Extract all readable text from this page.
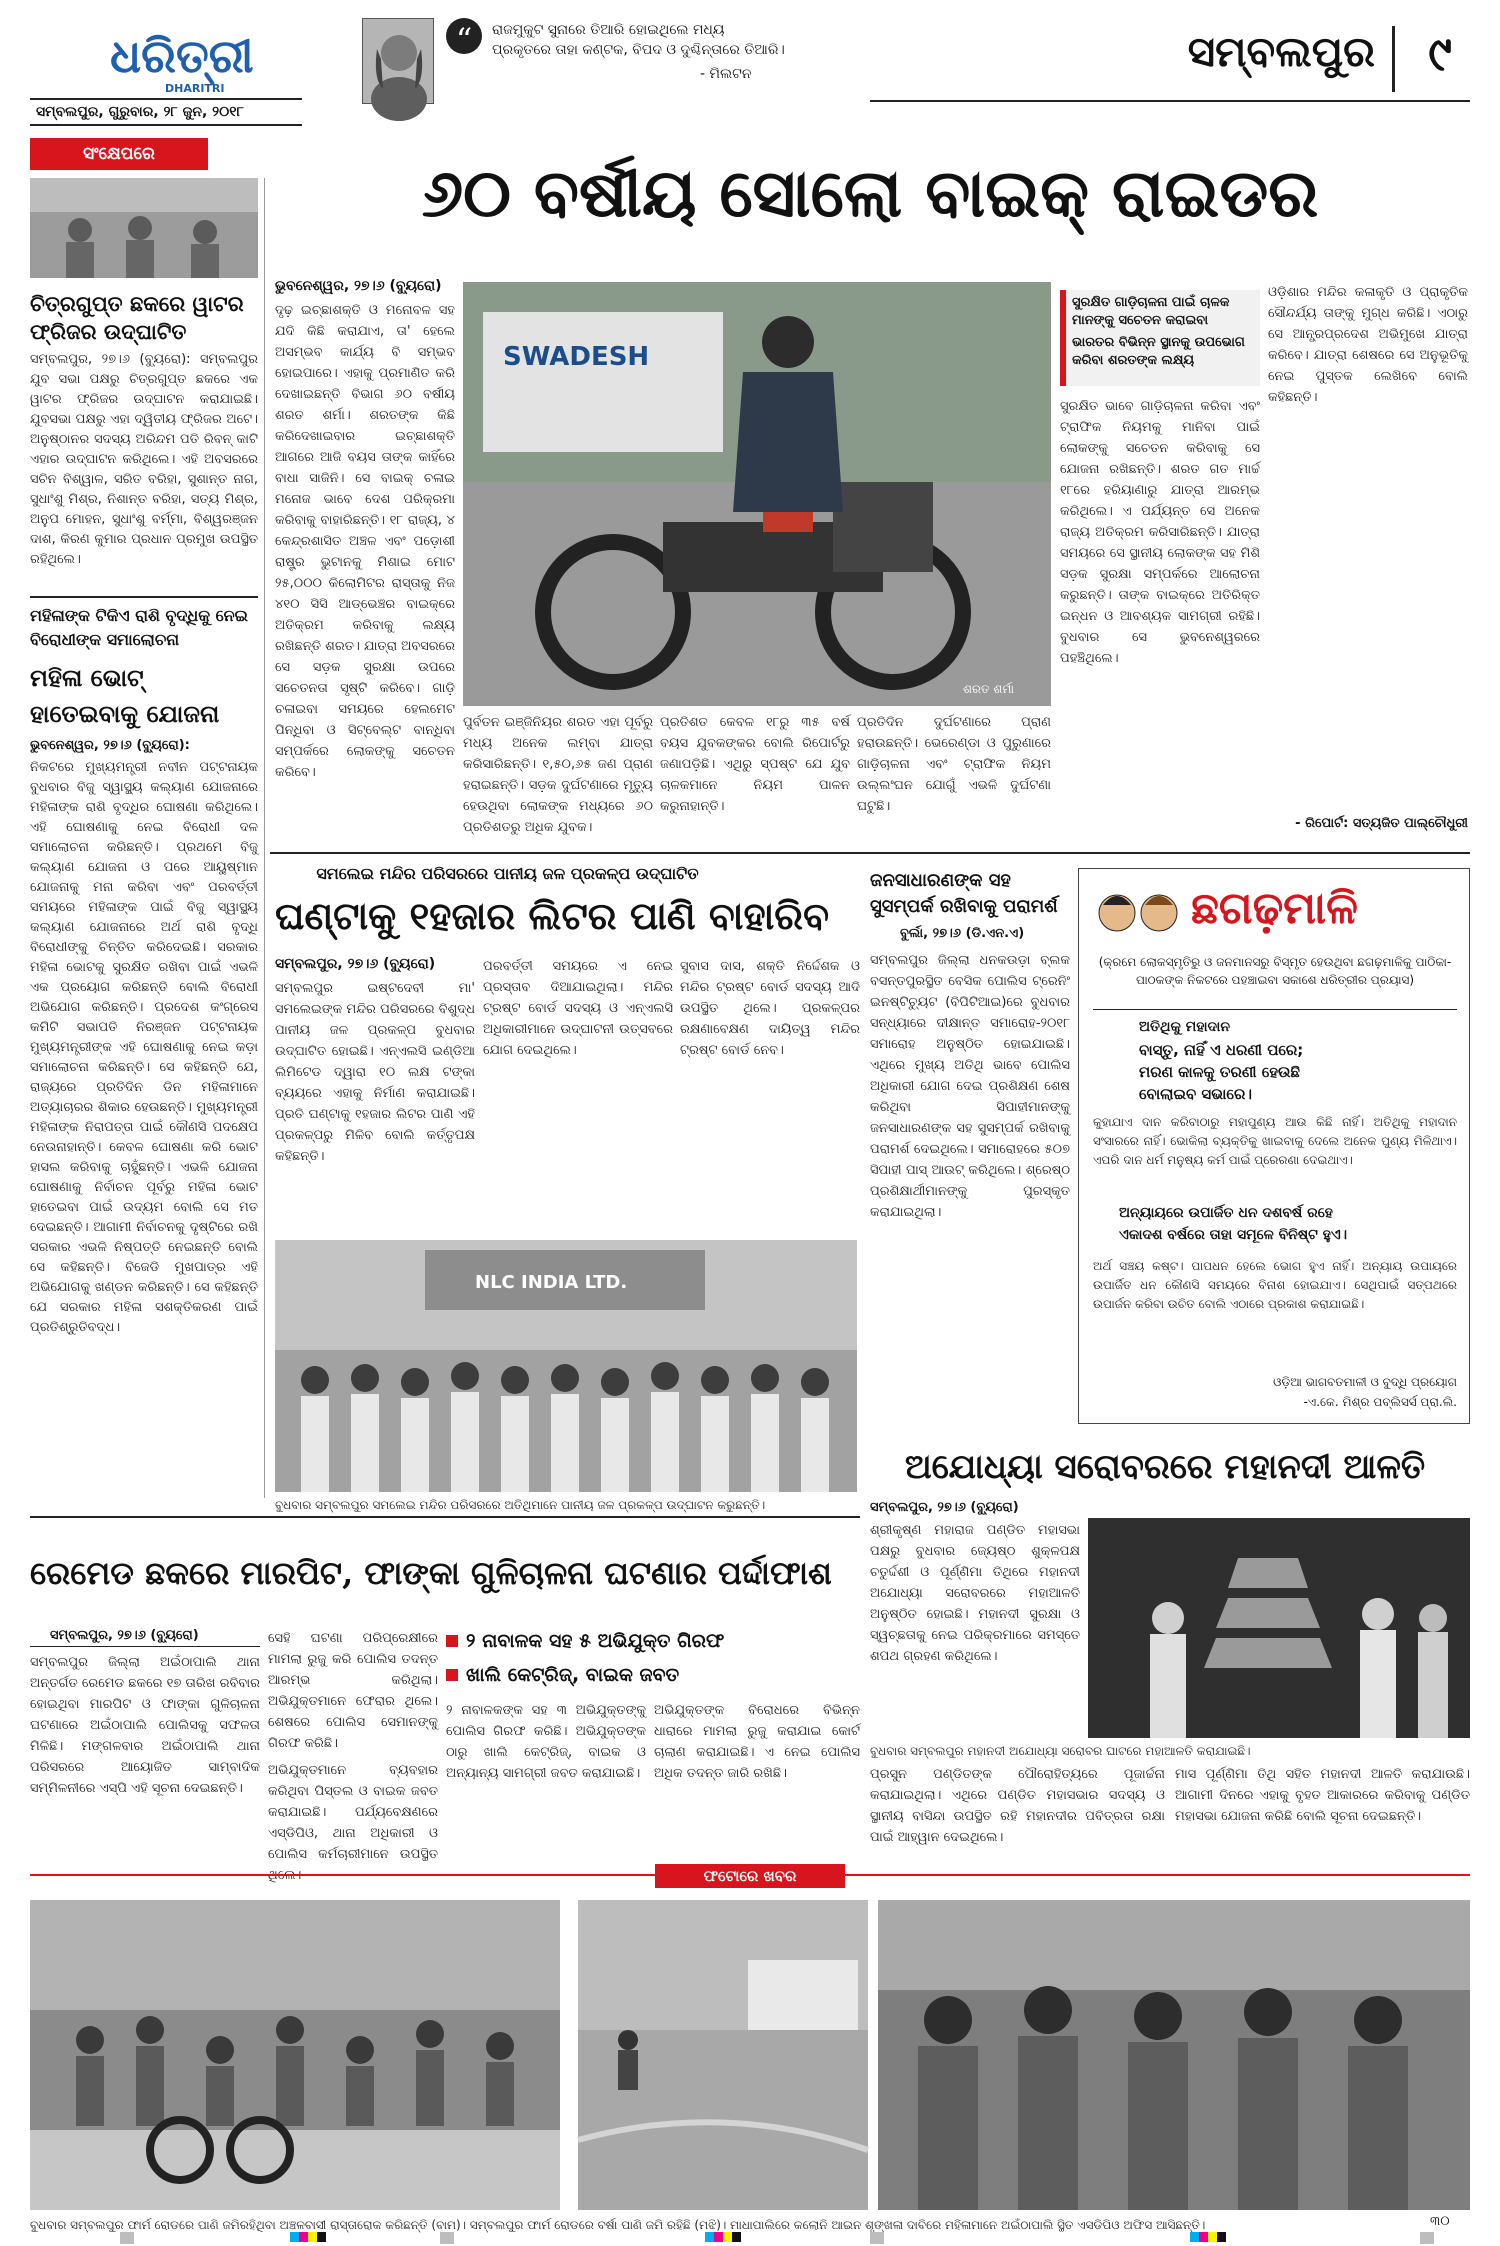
ଧରିତ୍ରୀ
DHARITRI
ସମ୍ବଲପୁର, ଗୁରୁବାର, ୨୮ ଜୁନ, ୨୦୧୮
“	ରାଜମୁକୁଟ ସୁନାରେ ତିଆରି ହୋଇଥିଲେ ମଧ୍ୟ
ପ୍ରକୃତରେ ତାହା କଣ୍ଟକ, ବିପଦ ଓ ଦୁଶ୍ଚିନ୍ତାରେ ତିଆରି।
- ମିଲଟନ	ସମ୍ବଲପୁର	୯
ସଂକ୍ଷେପରେ
ଚିତ୍ରଗୁପ୍ତ ଛକରେ ୱାଟର ଫ୍ରିଜର ଉଦ୍‌ଘାଟିତ
ସମ୍ବଲପୁର, ୨୭।୬ (ବ୍ୟୁରୋ): ସମ୍ବଲପୁର ଯୁବ ସଭା ପକ୍ଷରୁ ଚିତ୍ରଗୁପ୍ତ ଛକରେ ଏକ ୱାଟର ଫ୍ରିଜର ଉଦ୍‌ଘାଟନ କରାଯାଇଛି। ଯୁବସଭା ପକ୍ଷରୁ ଏହା ଦ୍ୱିତୀୟ ଫ୍ରିଜର ଅଟେ। ଅନୁଷ୍ଠାନର ସଦସ୍ୟ ଅରିନ୍ଦମ ପତି ରିବନ୍ କାଟି ଏହାର ଉଦ୍‌ଘାଟନ କରିଥିଲେ। ଏହି ଅବସରରେ ସଚିନ ବିଶ୍ୱାଳ, ସରିତ ବରିହା, ସୁଶାନ୍ତ ନାଗ, ସୁଧାଂଶୁ ମିଶ୍ର, ନିଶାନ୍ତ ବରିହା, ସତ୍ୟ ମିଶ୍ର, ଅନୁପ ମୋହନ, ସୁଧାଂଶୁ ବର୍ମ୍ମା, ବିଶ୍ୱରଞ୍ଜନ ଦାଶ, କିରଣ କୁମାର ପ୍ରଧାନ ପ୍ରମୁଖ ଉପସ୍ଥିତ ରହିଥିଲେ।
ମହିଳାଙ୍କ ଟିକିଏ ରାଶି ବୃଦ୍ଧିକୁ ନେଇ ବିରୋଧୀଙ୍କ ସମାଲୋଚନା
ମହିଳା ଭୋଟ୍ ହାତେଇବାକୁ ଯୋଜନା
ଭୁବନେଶ୍ୱର, ୨୭।୬ (ବ୍ୟୁରୋ):
ନିକଟରେ ମୁଖ୍ୟମନ୍ତ୍ରୀ ନବୀନ ପଟ୍ଟନାୟକ ବୁଧବାର ବିଜୁ ସ୍ୱାସ୍ଥ୍ୟ କଲ୍ୟାଣ ଯୋଜନାରେ ମହିଳାଙ୍କ ରାଶି ବୃଦ୍ଧିର ଘୋଷଣା କରିଥିଲେ। ଏହି ଘୋଷଣାକୁ ନେଇ ବିରୋଧୀ ଦଳ ସମାଲୋଚନା କରିଛନ୍ତି। ପ୍ରଥମେ ବିଜୁ କଲ୍ୟାଣ ଯୋଜନା ଓ ପରେ ଆୟୁଷ୍ମାନ ଯୋଜନାକୁ ମନା କରିବା ଏବଂ ପରବର୍ତ୍ତୀ ସମୟରେ ମହିଳାଙ୍କ ପାଇଁ ବିଜୁ ସ୍ୱାସ୍ଥ୍ୟ କଲ୍ୟାଣ ଯୋଜନାରେ ଅର୍ଥ ରାଶି ବୃଦ୍ଧି ବିରୋଧୀଙ୍କୁ ଚିନ୍ତିତ କରିଦେଇଛି। ସରକାର ମହିଳା ଭୋଟକୁ ସୁରକ୍ଷିତ ରଖିବା ପାଇଁ ଏଭଳି ଏକ ପ୍ରୟୋଗ କରିଛନ୍ତି ବୋଲି ବିରୋଧୀ ଅଭିଯୋଗ କରିଛନ୍ତି। ପ୍ରଦେଶ କଂଗ୍ରେସ କମିଟି ସଭାପତି ନିରଞ୍ଜନ ପଟ୍ଟନାୟକ ମୁଖ୍ୟମନ୍ତ୍ରୀଙ୍କ ଏହି ଘୋଷଣାକୁ ନେଇ କଡ଼ା ସମାଲୋଚନା କରିଛନ୍ତି। ସେ କହିଛନ୍ତି ଯେ, ରାଜ୍ୟରେ ପ୍ରତିଦିନ ଡିନ ମହିଳାମାନେ ଅତ୍ୟାଚାରର ଶିକାର ହେଉଛନ୍ତି। ମୁଖ୍ୟମନ୍ତ୍ରୀ ମହିଳାଙ୍କ ନିରାପତ୍ତା ପାଇଁ କୌଣସି ପଦକ୍ଷେପ ନେଉନାହାନ୍ତି। କେବଳ ଘୋଷଣା କରି ଭୋଟ ହାସଲ କରିବାକୁ ଚାହୁଁଛନ୍ତି। ଏଭଳି ଯୋଜନା ଘୋଷଣାକୁ ନିର୍ବାଚନ ପୂର୍ବରୁ ମହିଳା ଭୋଟ ହାତେଇବା ପାଇଁ ଉଦ୍ୟମ ବୋଲି ସେ ମତ ଦେଇଛନ୍ତି। ଆଗାମୀ ନିର୍ବାଚନକୁ ଦୃଷ୍ଟିରେ ରଖି ସରକାର ଏଭଳି ନିଷ୍ପତ୍ତି ନେଇଛନ୍ତି ବୋଲି ସେ କହିଛନ୍ତି। ବିଜେଡି ମୁଖପାତ୍ର ଏହି ଅଭିଯୋଗକୁ ଖଣ୍ଡନ କରିଛନ୍ତି। ସେ କହିଛନ୍ତି ଯେ ସରକାର ମହିଳା ସଶକ୍ତିକରଣ ପାଇଁ ପ୍ରତିଶ୍ରୁତିବଦ୍ଧ।
୬୦ ବର୍ଷୀୟ ସୋଲୋ ବାଇକ୍ ରାଇଡର
ଭୁବନେଶ୍ୱର, ୨୭।୬ (ବ୍ୟୁରୋ)
ଦୃଢ଼ ଇଚ୍ଛାଶକ୍ତି ଓ ମନୋବଳ ସହ ଯଦି କିଛି କରାଯାଏ, ତା' ହେଲେ ଅସମ୍ଭବ କାର୍ଯ୍ୟ ବି ସମ୍ଭବ ହୋଇପାରେ। ଏହାକୁ ପ୍ରମାଣିତ କରି ଦେଖାଇଛନ୍ତି ବିଭାଗ ୬୦ ବର୍ଷୀୟ ଶରତ ଶର୍ମା। ଶରତଙ୍କ କିଛି କରିଦେଖାଇବାର ଇଚ୍ଛାଶକ୍ତି ଆଗରେ ଆଜି ବୟସ ତାଙ୍କ କାହିଁରେ ବାଧା ସାଜିନି। ସେ ବାଇକ୍ ଚଳାଇ ମନୋଜ ଭାବେ ଦେଶ ପରିକ୍ରମା କରିବାକୁ ବାହାରିଛନ୍ତି। ୧୮ ରାଜ୍ୟ, ୪ କେନ୍ଦ୍ରଶାସିତ ଅଞ୍ଚଳ ଏବଂ ପଡ଼ୋଶୀ ରାଷ୍ଟ୍ର ଭୁଟାନକୁ ମିଶାଇ ମୋଟ ୨୫,୦୦୦ କିଲୋମିଟର ରାସ୍ତାକୁ ନିଜ ୪୧୦ ସିସି ଆଡ୍‌ଭେଞ୍ଚର ବାଇକ୍‌ରେ ଅତିକ୍ରମ କରିବାକୁ ଲକ୍ଷ୍ୟ ରଖିଛନ୍ତି ଶରତ। ଯାତ୍ରା ଅବସରରେ ସେ ସଡ଼କ ସୁରକ୍ଷା ଉପରେ ସଚେତନତା ସୃଷ୍ଟି କରିବେ। ଗାଡ଼ି ଚଳାଇବା ସମୟରେ ହେଲମେଟ ପିନ୍ଧିବା ଓ ସିଟ୍‌ବେଲ୍ଟ ବାନ୍ଧିବା ସମ୍ପର୍କରେ ଲୋକଙ୍କୁ ସଚେତନ କରିବେ।
SWADESH
ଶରତ ଶର୍ମା
ପୁର୍ବତନ ଇଞ୍ଜିନିୟର ଶରତ ଏହା ପୂର୍ବରୁ ମଧ୍ୟ ଅନେକ ଲମ୍ବା ଯାତ୍ରା କରିସାରିଛନ୍ତି। ୧,୫୦,୬୫ ଜଣ ପ୍ରାଣ ହରାଇଛନ୍ତି। ସଡ଼କ ଦୁର୍ଘଟଣାରେ ମୃତ୍ୟୁ ହେଉଥିବା ଲୋକଙ୍କ ମଧ୍ୟରେ ୬୦ ପ୍ରତିଶତରୁ ଅଧିକ ଯୁବକ।
ପ୍ରତିଶତ କେବଳ ୧୮ରୁ ୩୫ ବର୍ଷ ବୟସ ଯୁବକଙ୍କର ବୋଲି ରିପୋର୍ଟରୁ ଜଣାପଡ଼ିଛି। ଏଥିରୁ ସ୍ପଷ୍ଟ ଯେ ଯୁବ ଚାଳକମାନେ ନିୟମ ପାଳନ କରୁନାହାନ୍ତି।
ପ୍ରତିଦିନ ଦୁର୍ଘଟଣାରେ ପ୍ରାଣ ହରାଉଛନ୍ତି। ଭେରେଣ୍ଡା ଓ ପୁରୁଣାରେ ଗାଡ଼ିଚାଳନା ଏବଂ ଟ୍ରାଫିକ ନିୟମ ଉଲ୍ଲଂଘନ ଯୋଗୁଁ ଏଭଳି ଦୁର୍ଘଟଣା ଘଟୁଛି।
ସୁରକ୍ଷିତ ଗାଡ଼ିଚାଳନା ପାଇଁ ଚାଳକ ମାନଙ୍କୁ ସଚେତନ କରାଇବା
ଭାରତର ବିଭିନ୍ନ ସ୍ଥାନକୁ ଉପଭୋଗ କରିବା ଶରତଙ୍କ ଲକ୍ଷ୍ୟ
ସୁରକ୍ଷିତ ଭାବେ ଗାଡ଼ିଚାଳନା କରିବା ଏବଂ ଟ୍ରାଫିକ ନିୟମକୁ ମାନିବା ପାଇଁ ଲୋକଙ୍କୁ ସଚେତନ କରିବାକୁ ସେ ଯୋଜନା ରଖିଛନ୍ତି। ଶରତ ଗତ ମାର୍ଚ୍ଚ ୧୮ରେ ହରିୟାଣାରୁ ଯାତ୍ରା ଆରମ୍ଭ କରିଥିଲେ। ଏ ପର୍ଯ୍ୟନ୍ତ ସେ ଅନେକ ରାଜ୍ୟ ଅତିକ୍ରମ କରିସାରିଛନ୍ତି। ଯାତ୍ରା ସମୟରେ ସେ ସ୍ଥାନୀୟ ଲୋକଙ୍କ ସହ ମିଶି ସଡ଼କ ସୁରକ୍ଷା ସମ୍ପର୍କରେ ଆଲୋଚନା କରୁଛନ୍ତି। ତାଙ୍କ ବାଇକ୍‌ରେ ଅତିରିକ୍ତ ଇନ୍ଧନ ଓ ଆବଶ୍ୟକ ସାମଗ୍ରୀ ରହିଛି। ବୁଧବାର ସେ ଭୁବନେଶ୍ୱରରେ ପହଞ୍ଚିଥିଲେ।
ଓଡ଼ିଶାର ମନ୍ଦିର କଳାକୃତି ଓ ପ୍ରାକୃତିକ ସୌନ୍ଦର୍ଯ୍ୟ ତାଙ୍କୁ ମୁଗ୍ଧ କରିଛି। ଏଠାରୁ ସେ ଆନ୍ଧ୍ରପ୍ରଦେଶ ଅଭିମୁଖେ ଯାତ୍ରା କରିବେ। ଯାତ୍ରା ଶେଷରେ ସେ ଅନୁଭୂତିକୁ ନେଇ ପୁସ୍ତକ ଲେଖିବେ ବୋଲି କହିଛନ୍ତି।
- ରିପୋର୍ଟ: ସତ୍ୟଜିତ ପାଲ୍‌ଚୌଧୁରୀ
ସମଲେଇ ମନ୍ଦିର ପରିସରରେ ପାନୀୟ ଜଳ ପ୍ରକଳ୍ପ ଉଦ୍‌ଘାଟିତ
ଘଣ୍ଟାକୁ ୧ହଜାର ଲିଟର ପାଣି ବାହାରିବ
ସମ୍ବଲପୁର, ୨୭।୬ (ବ୍ୟୁରୋ)
ସମ୍ବଲପୁର ଇଷ୍ଟଦେବୀ ମା' ସମଲେଇଙ୍କ ମନ୍ଦିର ପରିସରରେ ବିଶୁଦ୍ଧ ପାନୀୟ ଜଳ ପ୍ରକଳ୍ପ ବୁଧବାର ଉଦ୍‌ଘାଟିତ ହୋଇଛି। ଏନ୍‌ଏଲସି ଇଣ୍ଡିଆ ଲିମିଟେଡ ଦ୍ୱାରା ୧୦ ଲକ୍ଷ ଟଙ୍କା ବ୍ୟୟରେ ଏହାକୁ ନିର୍ମାଣ କରାଯାଇଛି। ପ୍ରତି ଘଣ୍ଟାକୁ ୧ହଜାର ଲିଟର ପାଣି ଏହି ପ୍ରକଳ୍ପରୁ ମିଳିବ ବୋଲି କର୍ତ୍ତୃପକ୍ଷ କହିଛନ୍ତି।
ପରବର୍ତ୍ତୀ ସମୟରେ ଏ ନେଇ ପ୍ରସ୍ତାବ ଦିଆଯାଇଥିଲା। ମନ୍ଦିର ଟ୍ରଷ୍ଟ ବୋର୍ଡ ସଦସ୍ୟ ଓ ଏନ୍‌ଏଲସି ଅଧିକାରୀମାନେ ଉଦ୍‌ଘାଟନୀ ଉତ୍ସବରେ ଯୋଗ ଦେଇଥିଲେ।
ସୁବାସ ଦାସ, ଶକ୍ତି ନିର୍ଦ୍ଦେଶକ ଓ ମନ୍ଦିର ଟ୍ରଷ୍ଟ ବୋର୍ଡ ସଦସ୍ୟ ଆଦି ଉପସ୍ଥିତ ଥିଲେ। ପ୍ରକଳ୍ପର ରକ୍ଷଣାବେକ୍ଷଣ ଦାୟିତ୍ୱ ମନ୍ଦିର ଟ୍ରଷ୍ଟ ବୋର୍ଡ ନେବ।
NLC INDIA LTD.
ବୁଧବାର ସମ୍ବଲପୁର ସମଲେଇ ମନ୍ଦିର ପରିସରରେ ଅତିଥିମାନେ ପାନୀୟ ଜଳ ପ୍ରକଳ୍ପ ଉଦ୍‌ଘାଟନ କରୁଛନ୍ତି।
ଜନସାଧାରଣଙ୍କ ସହ ସୁସମ୍ପର୍କ ରଖିବାକୁ ପରାମର୍ଶ
ବୁର୍ଲା, ୨୭।୬ (ଡି.ଏନ.ଏ)
ସମ୍ବଲପୁର ଜିଲ୍ଲା ଧନକଉଡ଼ା ବ୍ଲକ ବସନ୍ତପୁରସ୍ଥିତ ବେସିକ ପୋଲିସ ଟ୍ରେନିଂ ଇନଷ୍ଟିଚ୍ୟୁଟ (ବିପିଟିଆଇ)ରେ ବୁଧବାର ସନ୍ଧ୍ୟାରେ ଦୀକ୍ଷାନ୍ତ ସମାରୋହ-୨୦୧୮ ସମାରୋହ ଅନୁଷ୍ଠିତ ହୋଇଯାଇଛି। ଏଥିରେ ମୁଖ୍ୟ ଅତିଥି ଭାବେ ପୋଲିସ ଅଧିକାରୀ ଯୋଗ ଦେଇ ପ୍ରଶିକ୍ଷଣ ଶେଷ କରିଥିବା ସିପାହୀମାନଙ୍କୁ ଜନସାଧାରଣଙ୍କ ସହ ସୁସମ୍ପର୍କ ରଖିବାକୁ ପରାମର୍ଶ ଦେଇଥିଲେ। ସମାରୋହରେ ୫୦୭ ସିପାହୀ ପାସ୍ ଆଉଟ୍ କରିଥିଲେ। ଶ୍ରେଷ୍ଠ ପ୍ରଶିକ୍ଷାର୍ଥୀମାନଙ୍କୁ ପୁରସ୍କୃତ କରାଯାଇଥିଲା।
ଛଗଢ଼ମାଳି
(କ୍ରମେ ଲୋକସ୍ମୃତିରୁ ଓ ଜନମାନସରୁ ବିସ୍ମୃତ ହେଉଥିବା ଛଗଢ଼ମାଳିକୁ ପାଠିକା-ପାଠକଙ୍କ ନିକଟରେ ପହଞ୍ଚାଇବା ସକାଶେ ଧରିତ୍ରୀର ପ୍ରୟାସ)
ଅତିଥିକୁ ମହାଦାନ
ବାସ୍ତୁ, ନାହିଁ ଏ ଧରଣୀ ପରେ;
ମରଣ କାଳକୁ ତରଣୀ ହେଉଛି
ବୋଲାଇବ ସଭାରେ।
କୁହାଯାଏ ଦାନ କରିବାଠାରୁ ମହାପୁଣ୍ୟ ଆଉ କିଛି ନାହିଁ। ଅତିଥିକୁ ମହାଦାନ ସଂସାରରେ ନାହିଁ। ଭୋକିଲା ବ୍ୟକ୍ତିକୁ ଖାଇବାକୁ ଦେଲେ ଅନେକ ପୁଣ୍ୟ ମିଳିଥାଏ। ଏପରି ଦାନ ଧର୍ମ ମନୁଷ୍ୟ କର୍ମ ପାଇଁ ପ୍ରେରଣା ଦେଇଥାଏ।
ଅନ୍ୟାୟରେ ଉପାର୍ଜିତ ଧନ ଦଶବର୍ଷ ରହେ
ଏକାଦଶ ବର୍ଷରେ ତାହା ସମୂଳେ ବିନିଷ୍ଟ ହୁଏ।
ଅର୍ଥ ସଞ୍ଚୟ କଷ୍ଟ। ପାପଧନ ହେଲେ ଭୋଗ ହୁଏ ନାହିଁ। ଅନ୍ୟାୟ ଉପାୟରେ ଉପାର୍ଜିତ ଧନ କୌଣସି ସମୟରେ ବିନାଶ ହୋଇଯାଏ। ସେଥିପାଇଁ ସତ୍‌ପଥରେ ଉପାର୍ଜନ କରିବା ଉଚିତ ବୋଲି ଏଠାରେ ପ୍ରକାଶ କରାଯାଇଛି।
ଓଡ଼ିଆ ଭାଗବତମାଳୀ ଓ ବୁଦ୍ଧି ପ୍ରୟୋଗ
-ଏ.କେ. ମିଶ୍ର ପବ୍ଲିସର୍ସ ପ୍ରା.ଲି.
ଅଯୋଧ୍ୟା ସରୋବରରେ ମହାନଦୀ ଆଳତି
ସମ୍ବଲପୁର, ୨୭।୬ (ବ୍ୟୁରୋ)
ଶ୍ରୀକୃଷ୍ଣ ମହାରାଜ ପଣ୍ଡିତ ମହାସଭା ପକ୍ଷରୁ ବୁଧବାର ଜ୍ୟେଷ୍ଠ ଶୁକ୍ଳପକ୍ଷ ଚତୁର୍ଦ୍ଦଶୀ ଓ ପୂର୍ଣ୍ଣିମା ତିଥିରେ ମହାନଦୀ ଅଯୋଧ୍ୟା ସରୋବରରେ ମହାଆଳତି ଅନୁଷ୍ଠିତ ହୋଇଛି। ମହାନଦୀ ସୁରକ୍ଷା ଓ ସ୍ୱଚ୍ଛତାକୁ ନେଇ ପରିକ୍ରମାରେ ସମସ୍ତେ ଶପଥ ଗ୍ରହଣ କରିଥିଲେ।
ବୁଧବାର ସମ୍ବଲପୁର ମହାନଦୀ ଅଯୋଧ୍ୟା ସରୋବର ଘାଟରେ ମହାଆଳତି କରାଯାଇଛି।
ପ୍ରସୁନ ପଣ୍ଡିତଙ୍କ ପୌରୋହିତ୍ୟରେ ପୂଜାର୍ଚ୍ଚନା କରାଯାଇଥିଲା। ଏଥିରେ ପଣ୍ଡିତ ମହାସଭାର ସଦସ୍ୟ ଓ ସ୍ଥାନୀୟ ବାସିନ୍ଦା ଉପସ୍ଥିତ ରହି ମହାନଦୀର ପବିତ୍ରତା ରକ୍ଷା ପାଇଁ ଆହ୍ୱାନ ଦେଇଥିଲେ।
ମାସ ପୂର୍ଣ୍ଣିମା ତିଥି ସହିତ ମହାନଦୀ ଆଳତି କରାଯାଉଛି। ଆଗାମୀ ଦିନରେ ଏହାକୁ ବୃହତ ଆକାରରେ କରିବାକୁ ପଣ୍ଡିତ ମହାସଭା ଯୋଜନା କରିଛି ବୋଲି ସୂଚନା ଦେଇଛନ୍ତି।
ରେମେଡ ଛକରେ ମାରପିଟ, ଫାଙ୍କା ଗୁଳିଚାଳନା ଘଟଣାର ପର୍ଦ୍ଦାଫାଶ
ସମ୍ବଲପୁର, ୨୭।୬ (ବ୍ୟୁରୋ)
ସମ୍ବଲପୁର ଜିଲ୍ଲା ଅଇଁଠାପାଲି ଥାନା ଅନ୍ତର୍ଗତ ରେମେଡ ଛକରେ ୧୭ ତାରିଖ ରବିବାର ହୋଇଥିବା ମାରପିଟ ଓ ଫାଙ୍କା ଗୁଳିଚାଳନା ଘଟଣାରେ ଅଇଁଠାପାଲି ପୋଲିସକୁ ସଫଳତା ମିଳିଛି। ମଙ୍ଗଳବାର ଅଇଁଠାପାଲି ଥାନା ପରିସରରେ ଆୟୋଜିତ ସାମ୍ବାଦିକ ସମ୍ମିଳନୀରେ ଏସ୍‌ପି ଏହି ସୂଚନା ଦେଇଛନ୍ତି।
ସେହି ଘଟଣା ପରିପ୍ରେକ୍ଷୀରେ ମାମଲା ରୁଜୁ କରି ପୋଲିସ ତଦନ୍ତ ଆରମ୍ଭ କରିଥିଲା। ଅଭିଯୁକ୍ତମାନେ ଫେରାର ଥିଲେ। ଶେଷରେ ପୋଲିସ ସେମାନଙ୍କୁ ଗିରଫ କରିଛି।
୨ ନାବାଳକ ସହ ୫ ଅଭିଯୁକ୍ତ ଗିରଫ
ଖାଲି କେଟ୍ରିଜ୍, ବାଇକ ଜବତ
୨ ନାବାଳକଙ୍କ ସହ ୩ ଅଭିଯୁକ୍ତଙ୍କୁ ପୋଲିସ ଗିରଫ କରିଛି। ଅଭିଯୁକ୍ତଙ୍କ ଠାରୁ ଖାଲି କେଟ୍ରିଜ୍, ବାଇକ ଓ ଅନ୍ୟାନ୍ୟ ସାମଗ୍ରୀ ଜବତ କରାଯାଇଛି।
ଅଭିଯୁକ୍ତଙ୍କ ବିରୋଧରେ ବିଭିନ୍ନ ଧାରାରେ ମାମଲା ରୁଜୁ କରାଯାଇ କୋର୍ଟ ଚାଲାଣ କରାଯାଇଛି। ଏ ନେଇ ପୋଲିସ ଅଧିକ ତଦନ୍ତ ଜାରି ରଖିଛି।
ଅଭିଯୁକ୍ତମାନେ ବ୍ୟବହାର କରିଥିବା ପିସ୍ତଲ ଓ ବାଇକ ଜବତ କରାଯାଇଛି। ପର୍ଯ୍ୟବେକ୍ଷଣରେ ଏସ୍‌ଡିପିଓ, ଥାନା ଅଧିକାରୀ ଓ ପୋଲିସ କର୍ମଚାରୀମାନେ ଉପସ୍ଥିତ
ଫଟୋରେ ଖବର
ବୁଧବାର ସମ୍ବଲପୁର ଫାର୍ମ ରୋଡରେ ପାଣି ଜମିରହିଥିବା ଅଞ୍ଚଳବାସୀ ରାସ୍ତାରୋକ କରିଛନ୍ତି (ବାମ)। ସମ୍ବଲପୁର ଫାର୍ମ ରୋଡରେ ବର୍ଷା ପାଣି ଜମି ରହିଛି (ମଝି)। ମାଧାପାଲିରେ କଲୋନି ଆଇନ ଶୃଙ୍ଖଳା ଦାବିରେ ମହିଳାମାନେ ଅଇଁଠାପାଲି ସ୍ଥିତ ଏସଡିପିଓ ଅଫିସ ଆସିଛନ୍ତି।	୩୦
